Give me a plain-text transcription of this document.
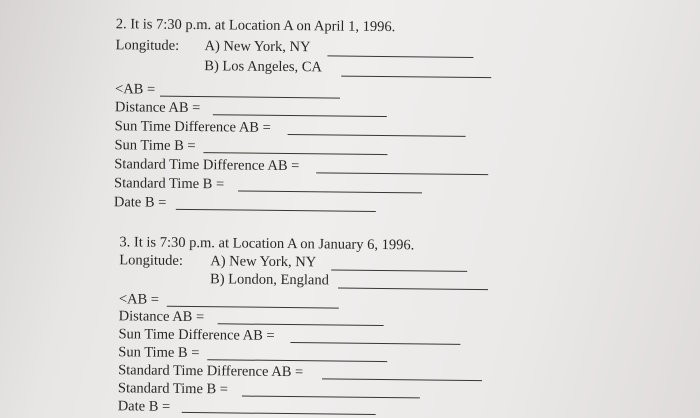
2. It is 7:30 p.m. at Location A on April 1, 1996.
Longitude: A) New York, NY
B) Los Angeles, CA
<AB =
Distance AB =
Sun Time Difference AB =
Sun Time B =
Standard Time Difference AB =
Standard Time B =
Date B =
3. It is 7:30 p.m. at Location A on January 6, 1996.
Longitude: A) New York, NY
B) London, England
<AB =
Distance AB =
Sun Time Difference AB =
Sun Time B =
Standard Time Difference AB =
Standard Time B =
Date B =
